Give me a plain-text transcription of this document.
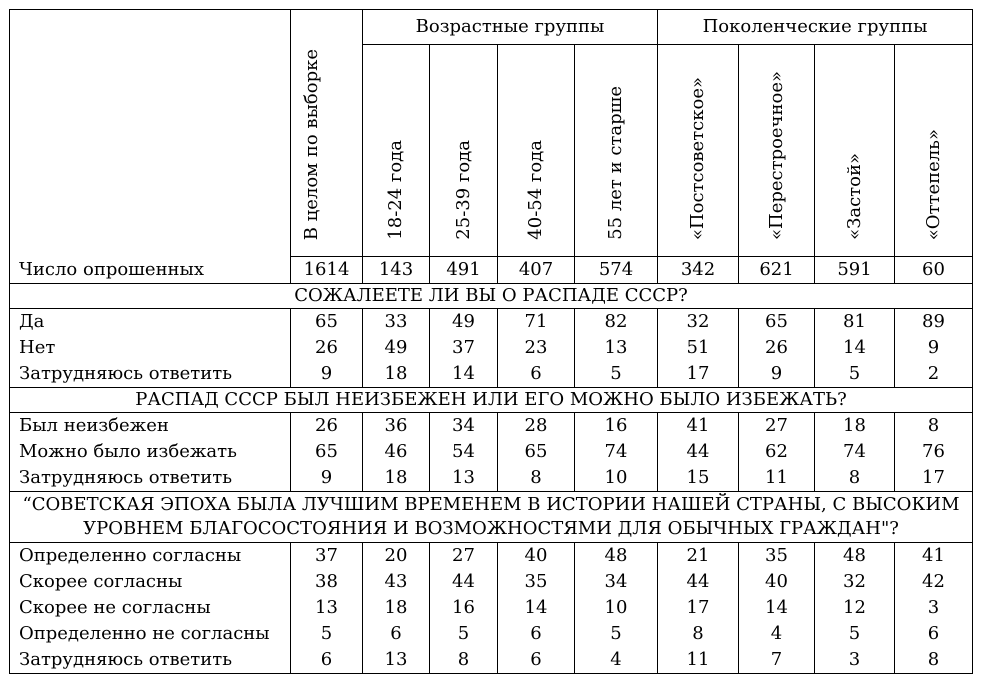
	В целом по выборке	Возрастные группы				Поколенческие группы			
		18-24 года	25-39 года	40-54 года	55 лет и старше	«Постсоветское»	«Перестроечное»	«Застой»	«Оттепель»
Число опрошенных	1614	143	491	407	574	342	621	591	60
СОЖАЛЕЕТЕ ЛИ ВЫ О РАСПАДЕ СССР?									
Да	65	33	49	71	82	32	65	81	89
Нет	26	49	37	23	13	51	26	14	9
Затрудняюсь ответить	9	18	14	6	5	17	9	5	2
РАСПАД СССР БЫЛ НЕИЗБЕЖЕН ИЛИ ЕГО МОЖНО БЫЛО ИЗБЕЖАТЬ?									
Был неизбежен	26	36	34	28	16	41	27	18	8
Можно было избежать	65	46	54	65	74	44	62	74	76
Затрудняюсь ответить	9	18	13	8	10	15	11	8	17
“СОВЕТСКАЯ ЭПОХА БЫЛА ЛУЧШИМ ВРЕМЕНЕМ В ИСТОРИИ НАШЕЙ СТРАНЫ, С ВЫСОКИМ УРОВНЕМ БЛАГОСОСТОЯНИЯ И ВОЗМОЖНОСТЯМИ ДЛЯ ОБЫЧНЫХ ГРАЖДАН"?									
Определенно согласны	37	20	27	40	48	21	35	48	41
Скорее согласны	38	43	44	35	34	44	40	32	42
Скорее не согласны	13	18	16	14	10	17	14	12	3
Определенно не согласны	5	6	5	6	5	8	4	5	6
Затрудняюсь ответить	6	13	8	6	4	11	7	3	8
